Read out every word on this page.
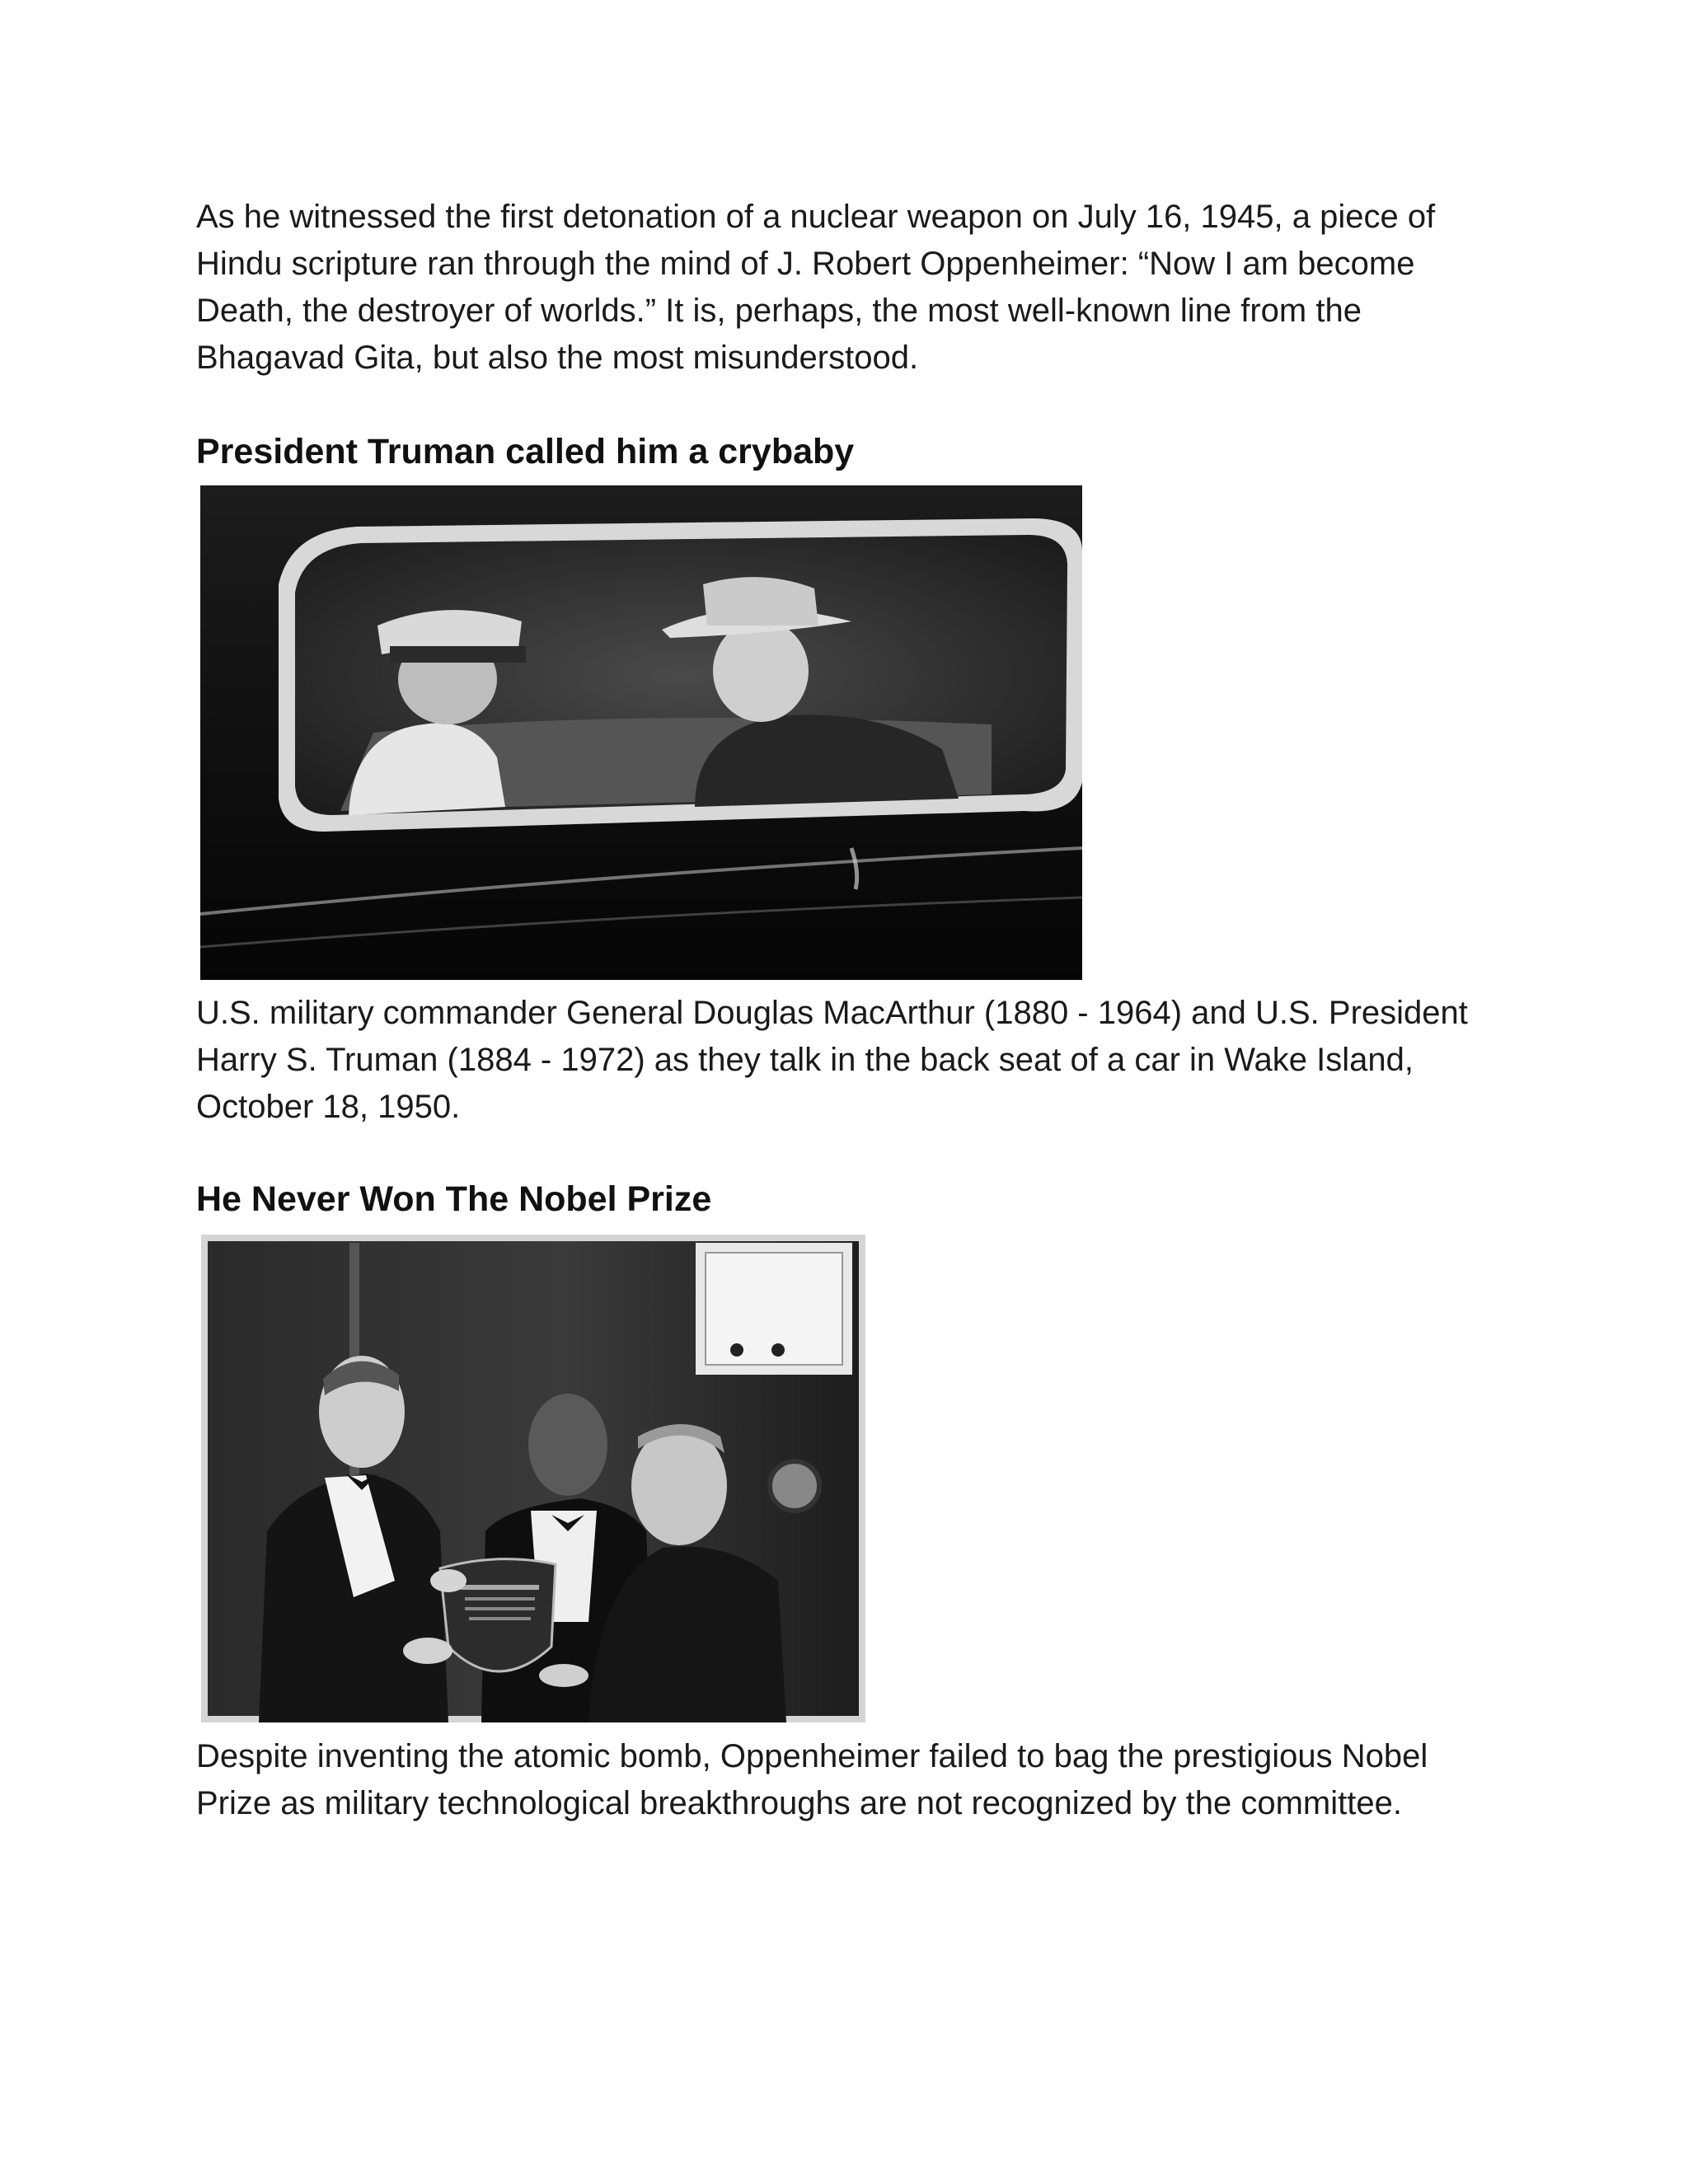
As he witnessed the first detonation of a nuclear weapon on July 16, 1945, a piece of Hindu scripture ran through the mind of J. Robert Oppenheimer: “Now I am become Death, the destroyer of worlds.” It is, perhaps, the most well-known line from the Bhagavad Gita, but also the most misunderstood.

President Truman called him a crybaby

U.S. military commander General Douglas MacArthur (1880 - 1964) and U.S. President Harry S. Truman (1884 - 1972) as they talk in the back seat of a car in Wake Island, October 18, 1950.

He Never Won The Nobel Prize

Despite inventing the atomic bomb, Oppenheimer failed to bag the prestigious Nobel Prize as military technological breakthroughs are not recognized by the committee.
